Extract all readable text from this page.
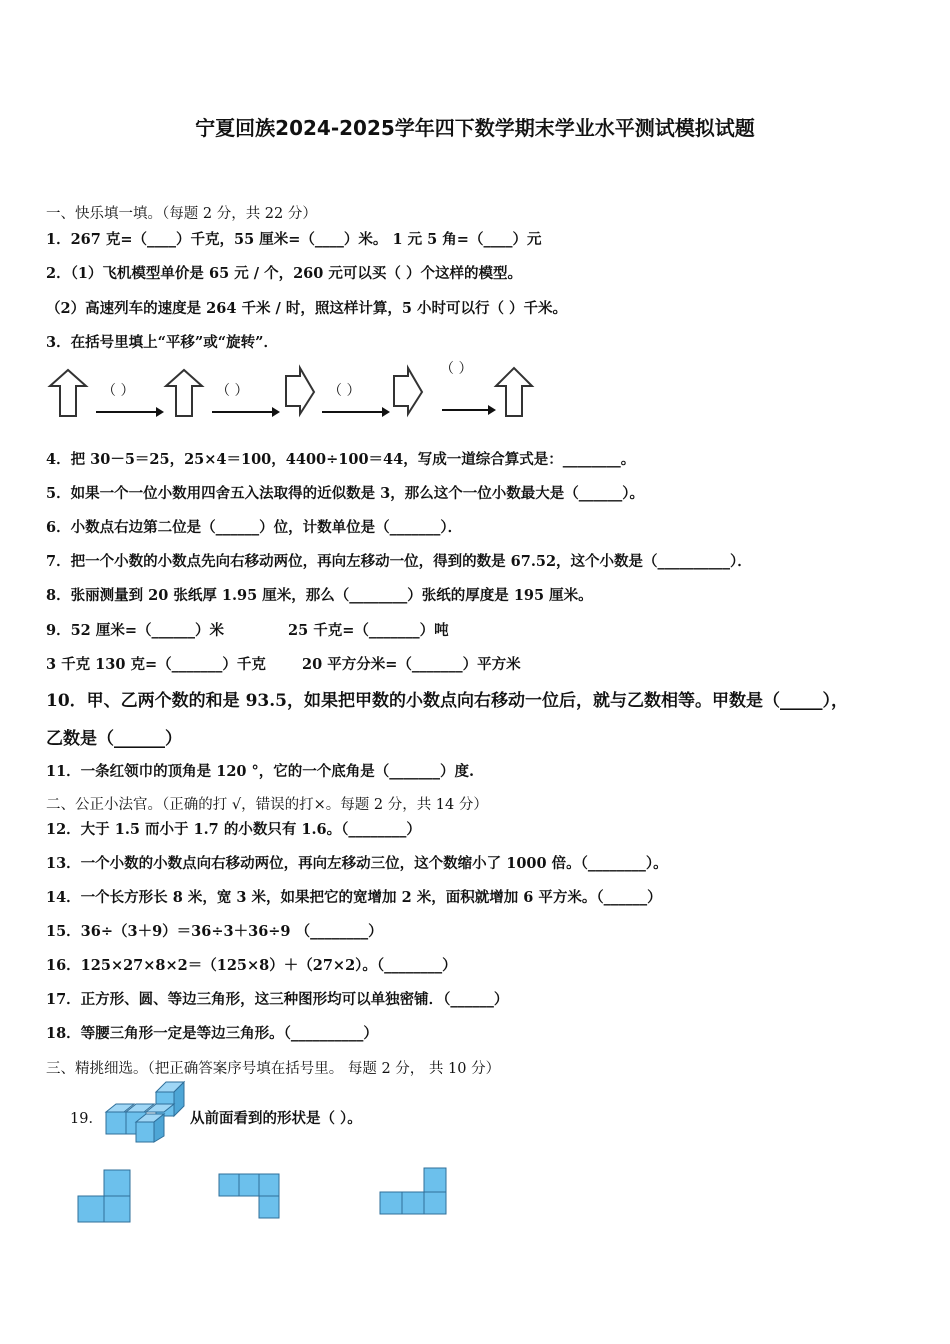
宁夏回族2024-2025学年四下数学期末学业水平测试模拟试题
一、快乐填一填。（每题 2 分，共 22 分）
1．267 克=（____）千克，55 厘米=（____）米。 1 元 5 角=（____）元
2．（1）飞机模型单价是 65 元 / 个，260 元可以买（ ）个这样的模型。
（2）高速列车的速度是 264 千米 / 时，照这样计算，5 小时可以行（ ）千米。
3．在括号里填上“平移”或“旋转”．
（ ）	（ ）	（ ）
（ ）
4．把 30－5＝25，25×4＝100，4400÷100＝44，写成一道综合算式是：________。
5．如果一个一位小数用四舍五入法取得的近似数是 3，那么这个一位小数最大是（______）。
6．小数点右边第二位是（______）位，计数单位是（_______）．
7．把一个小数的小数点先向右移动两位，再向左移动一位，得到的数是 67.52，这个小数是（__________）．
8．张丽测量到 20 张纸厚 1.95 厘米，那么（________）张纸的厚度是 195 厘米。
9．52 厘米=（______）米	25 千克=（_______）吨
3 千克 130 克=（_______）千克 20 平方分米=（_______）平方米
10．甲、乙两个数的和是 93.5，如果把甲数的小数点向右移动一位后，就与乙数相等。甲数是（_____），
乙数是（______）
11．一条红领巾的顶角是 120 °，它的一个底角是（_______）度.
二、公正小法官。（正确的打 √，错误的打×。每题 2 分，共 14 分）
12．大于 1.5 而小于 1.7 的小数只有 1.6。（________）
13．一个小数的小数点向右移动两位，再向左移动三位，这个数缩小了 1000 倍。（________）。
14．一个长方形长 8 米，宽 3 米，如果把它的宽增加 2 米，面积就增加 6 平方米。（______）
15．36÷（3＋9）＝36÷3＋36÷9 （________）
16．125×27×8×2＝（125×8）＋（27×2）。（________）
17．正方形、圆、等边三角形，这三种图形均可以单独密铺．（______）
18．等腰三角形一定是等边三角形。（__________）
三、精挑细选。（把正确答案序号填在括号里。 每题 2 分， 共 10 分）
19．	从前面看到的形状是（ ）。
